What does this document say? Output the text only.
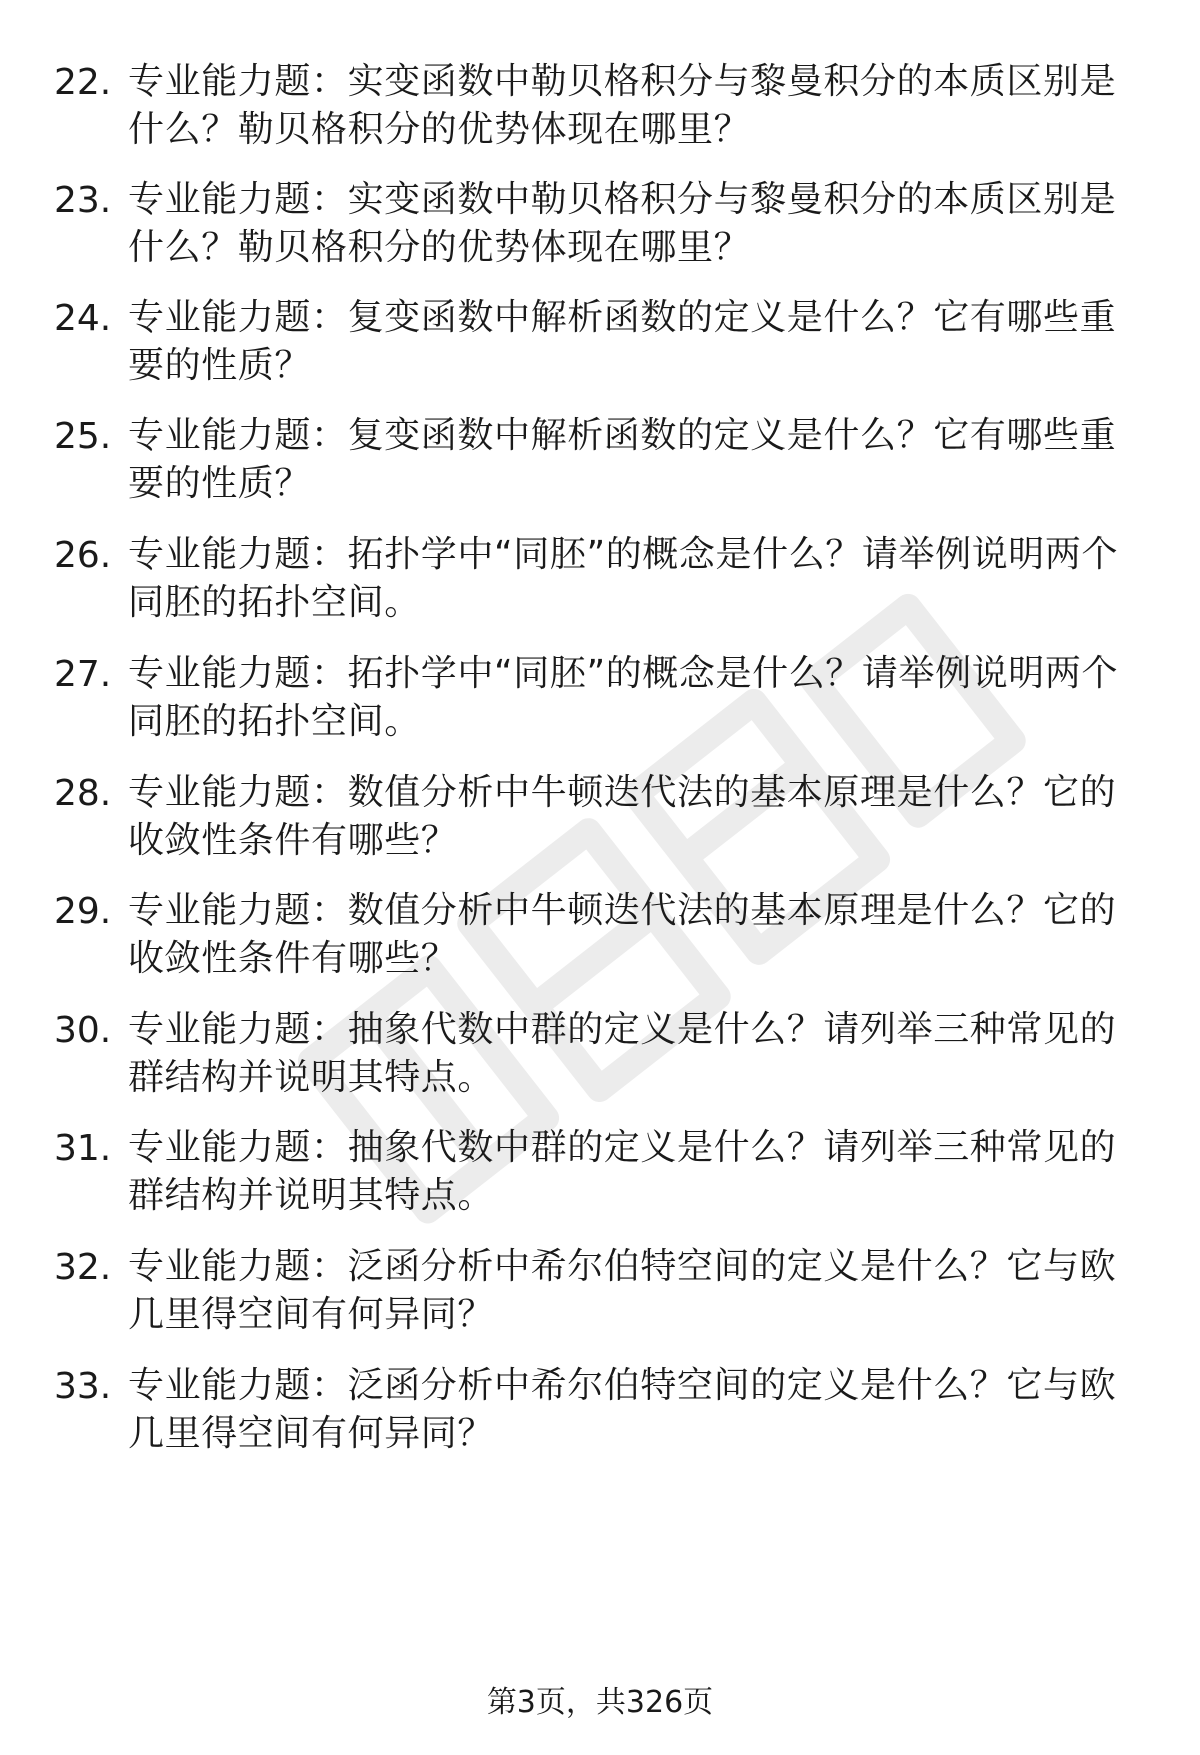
22. 专业能力题：实变函数中勒贝格积分与黎曼积分的本质区别是什么？勒贝格积分的优势体现在哪里？
23. 专业能力题：实变函数中勒贝格积分与黎曼积分的本质区别是什么？勒贝格积分的优势体现在哪里？
24. 专业能力题：复变函数中解析函数的定义是什么？它有哪些重要的性质？
25. 专业能力题：复变函数中解析函数的定义是什么？它有哪些重要的性质？
26. 专业能力题：拓扑学中“同胚”的概念是什么？请举例说明两个同胚的拓扑空间。
27. 专业能力题：拓扑学中“同胚”的概念是什么？请举例说明两个同胚的拓扑空间。
28. 专业能力题：数值分析中牛顿迭代法的基本原理是什么？它的收敛性条件有哪些？
29. 专业能力题：数值分析中牛顿迭代法的基本原理是什么？它的收敛性条件有哪些？
30. 专业能力题：抽象代数中群的定义是什么？请列举三种常见的群结构并说明其特点。
31. 专业能力题：抽象代数中群的定义是什么？请列举三种常见的群结构并说明其特点。
32. 专业能力题：泛函分析中希尔伯特空间的定义是什么？它与欧几里得空间有何异同？
33. 专业能力题：泛函分析中希尔伯特空间的定义是什么？它与欧几里得空间有何异同？
第3页，共326页
